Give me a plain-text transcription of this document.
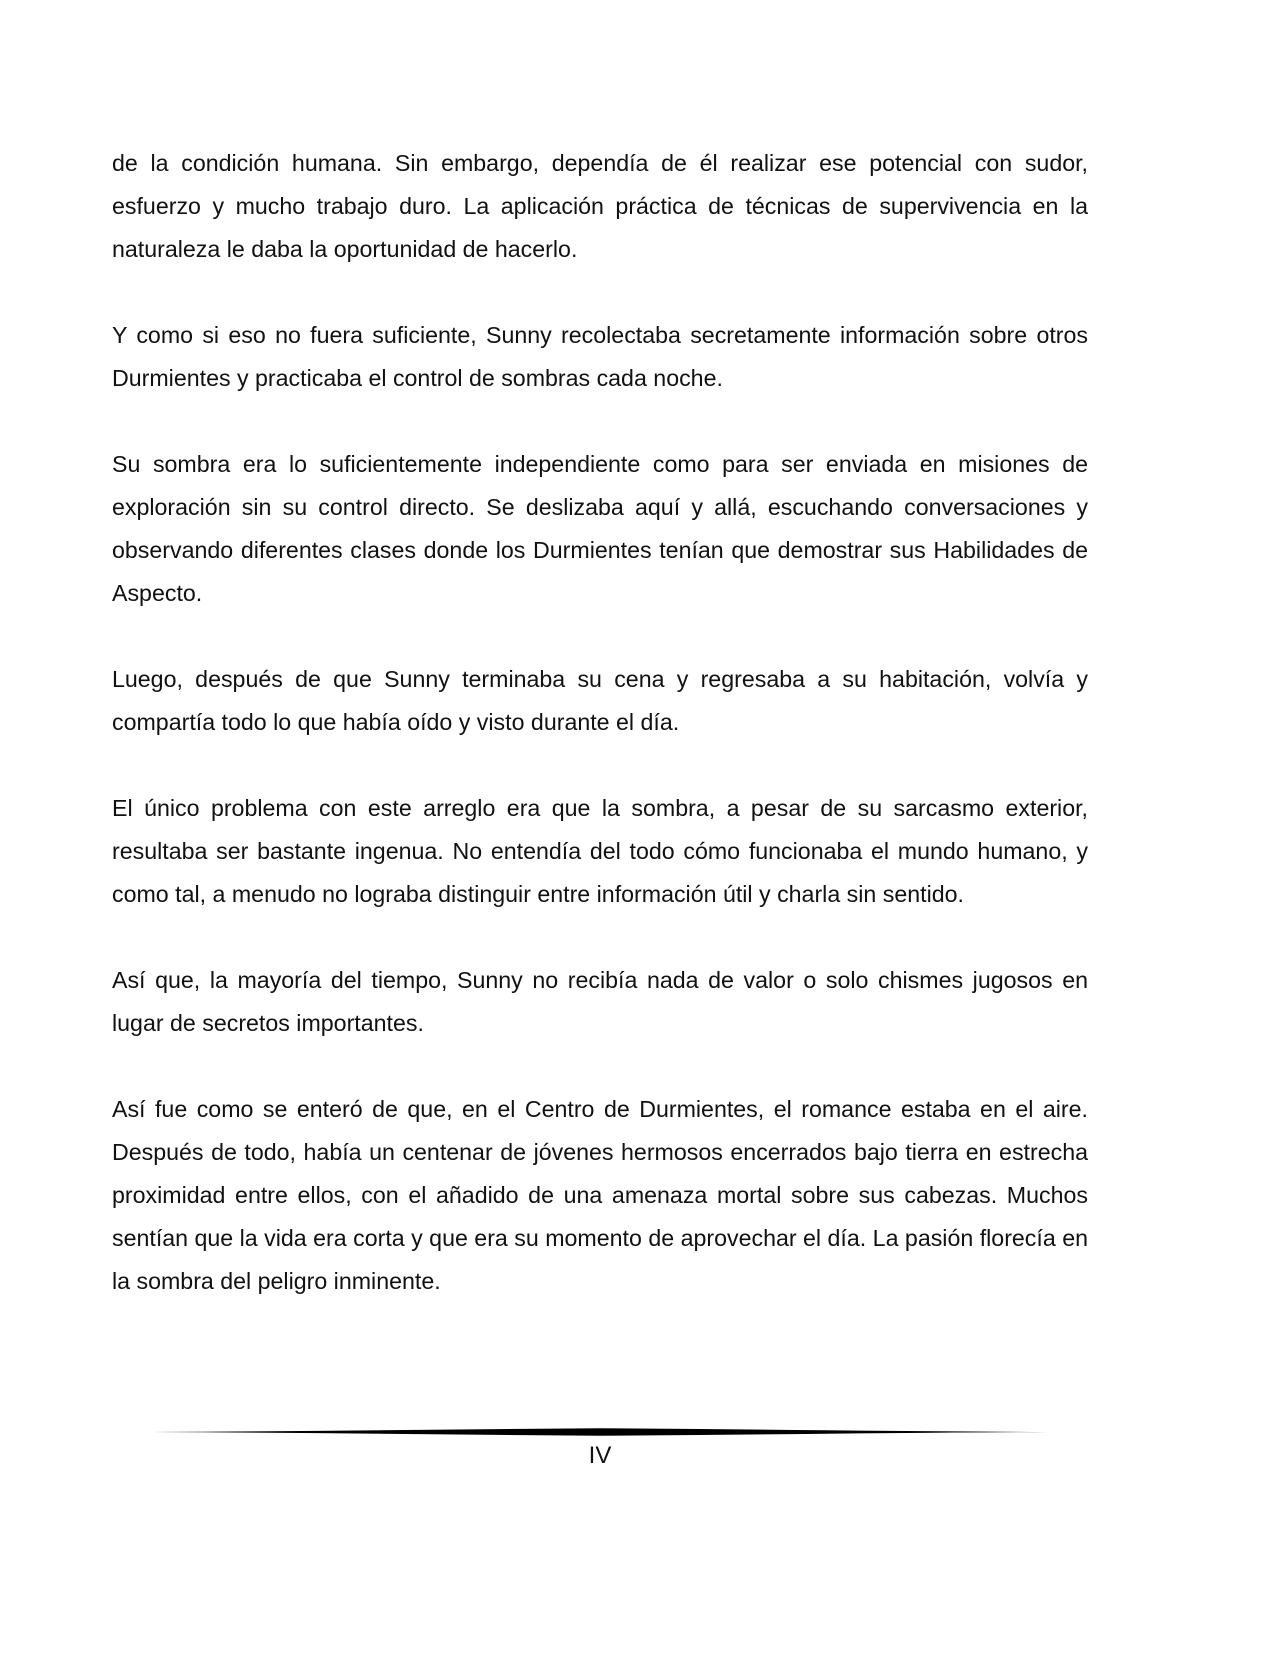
de la condición humana. Sin embargo, dependía de él realizar ese potencial con sudor, esfuerzo y mucho trabajo duro. La aplicación práctica de técnicas de supervivencia en la naturaleza le daba la oportunidad de hacerlo.

Y como si eso no fuera suficiente, Sunny recolectaba secretamente información sobre otros Durmientes y practicaba el control de sombras cada noche.

Su sombra era lo suficientemente independiente como para ser enviada en misiones de exploración sin su control directo. Se deslizaba aquí y allá, escuchando conversaciones y observando diferentes clases donde los Durmientes tenían que demostrar sus Habilidades de Aspecto.

Luego, después de que Sunny terminaba su cena y regresaba a su habitación, volvía y compartía todo lo que había oído y visto durante el día.

El único problema con este arreglo era que la sombra, a pesar de su sarcasmo exterior, resultaba ser bastante ingenua. No entendía del todo cómo funcionaba el mundo humano, y como tal, a menudo no lograba distinguir entre información útil y charla sin sentido.

Así que, la mayoría del tiempo, Sunny no recibía nada de valor o solo chismes jugosos en lugar de secretos importantes.

Así fue como se enteró de que, en el Centro de Durmientes, el romance estaba en el aire. Después de todo, había un centenar de jóvenes hermosos encerrados bajo tierra en estrecha proximidad entre ellos, con el añadido de una amenaza mortal sobre sus cabezas. Muchos sentían que la vida era corta y que era su momento de aprovechar el día. La pasión florecía en la sombra del peligro inminente.

IV
